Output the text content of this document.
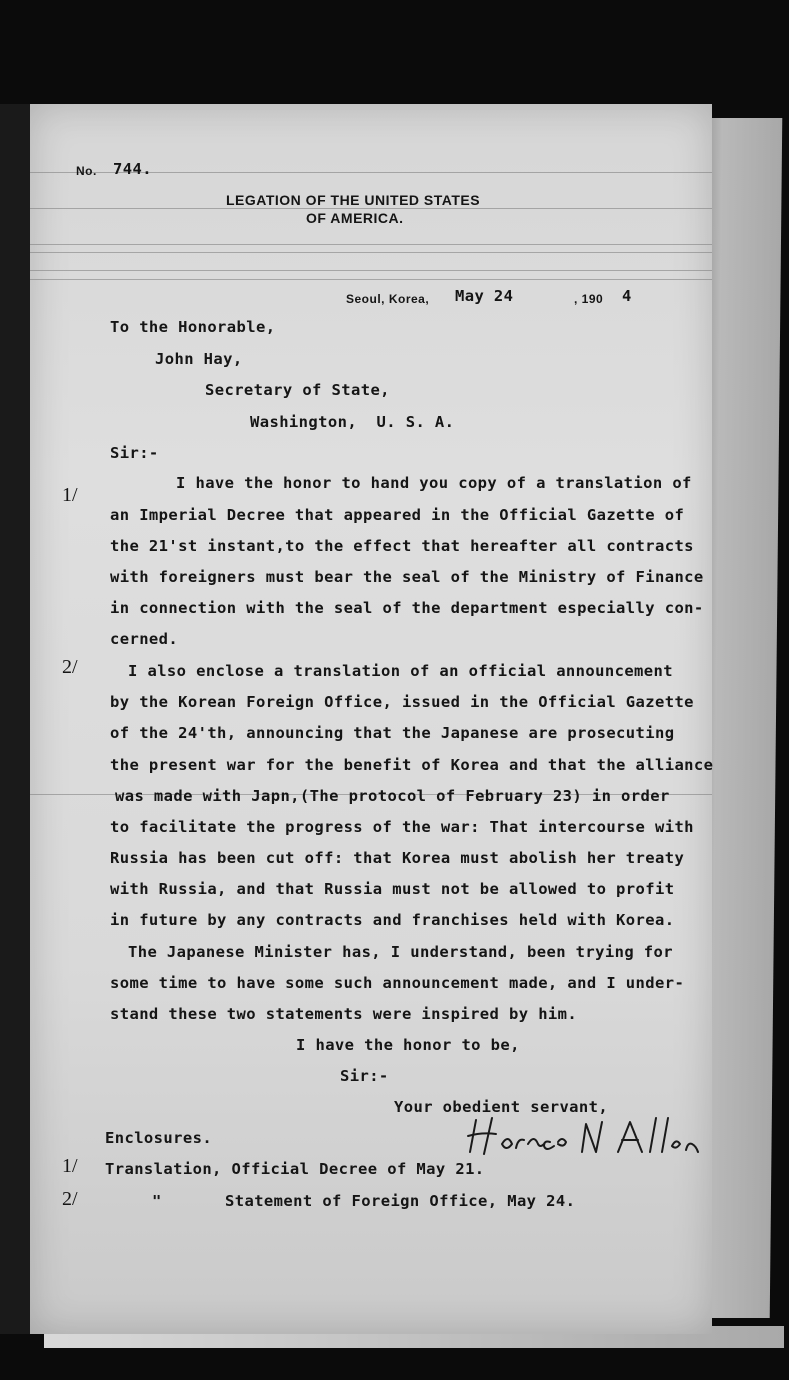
No. 744.
LEGATION OF THE UNITED STATES
OF AMERICA.
Seoul, Korea, May 24	, 190 4
To the Honorable,
John Hay,
Secretary of State,
Washington,  U. S. A.
Sir:-
1/
2/
I have the honor to hand you copy of a translation of
an Imperial Decree that appeared in the Official Gazette of
the 21'st instant,to the effect that hereafter all contracts
with foreigners must bear the seal of the Ministry of Finance
in connection with the seal of the department especially con-
cerned.
I also enclose a translation of an official announcement
by the Korean Foreign Office, issued in the Official Gazette
of the 24'th, announcing that the Japanese are prosecuting
the present war for the benefit of Korea and that the alliance
was made with Japn,(The protocol of February 23) in order
to facilitate the progress of the war: That intercourse with
Russia has been cut off: that Korea must abolish her treaty
with Russia, and that Russia must not be allowed to profit
in future by any contracts and franchises held with Korea.
The Japanese Minister has, I understand, been trying for
some time to have some such announcement made, and I under-
stand these two statements were inspired by him.
I have the honor to be,
Sir:-
Your obedient servant,
Enclosures.
1/ Translation, Official Decree of May 21.
2/	"	Statement of Foreign Office, May 24.
